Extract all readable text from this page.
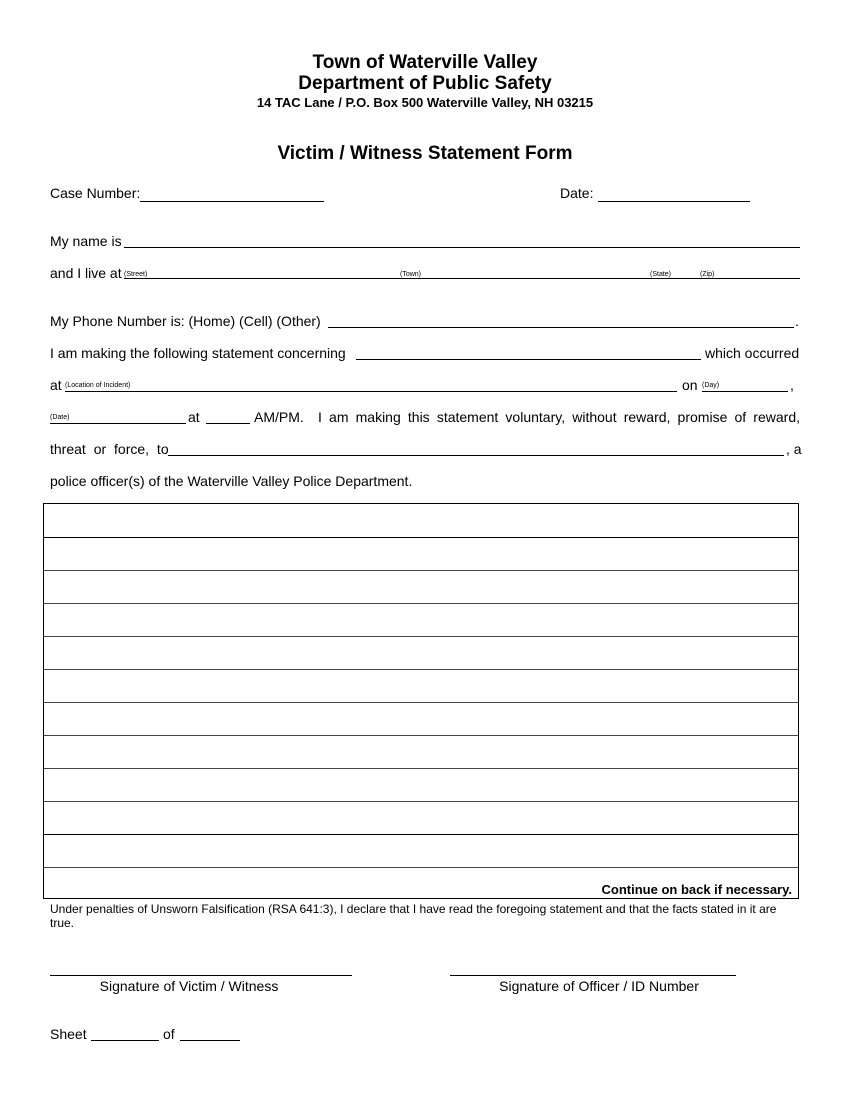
Town of Waterville Valley
Department of Public Safety
14 TAC Lane / P.O. Box 500 Waterville Valley, NH 03215
Victim / Witness Statement Form
Case Number:	Date:
My name is
and I live at (Street)	(Town)	(State)	(Zip)
My Phone Number is: (Home) (Cell) (Other)	.
I am making the following statement concerning	which occurred
at (Location of Incident)	on (Day)	,
(Date)	at	AM/PM. I am making this statement voluntary, without reward, promise of reward,
threat or force, to	, a
police officer(s) of the Waterville Valley Police Department.
Continue on back if necessary.
Under penalties of Unsworn Falsification (RSA 641:3), I declare that I have read the foregoing statement and that the facts stated in it are true.
Signature of Victim / Witness	Signature of Officer / ID Number
Sheet	of
